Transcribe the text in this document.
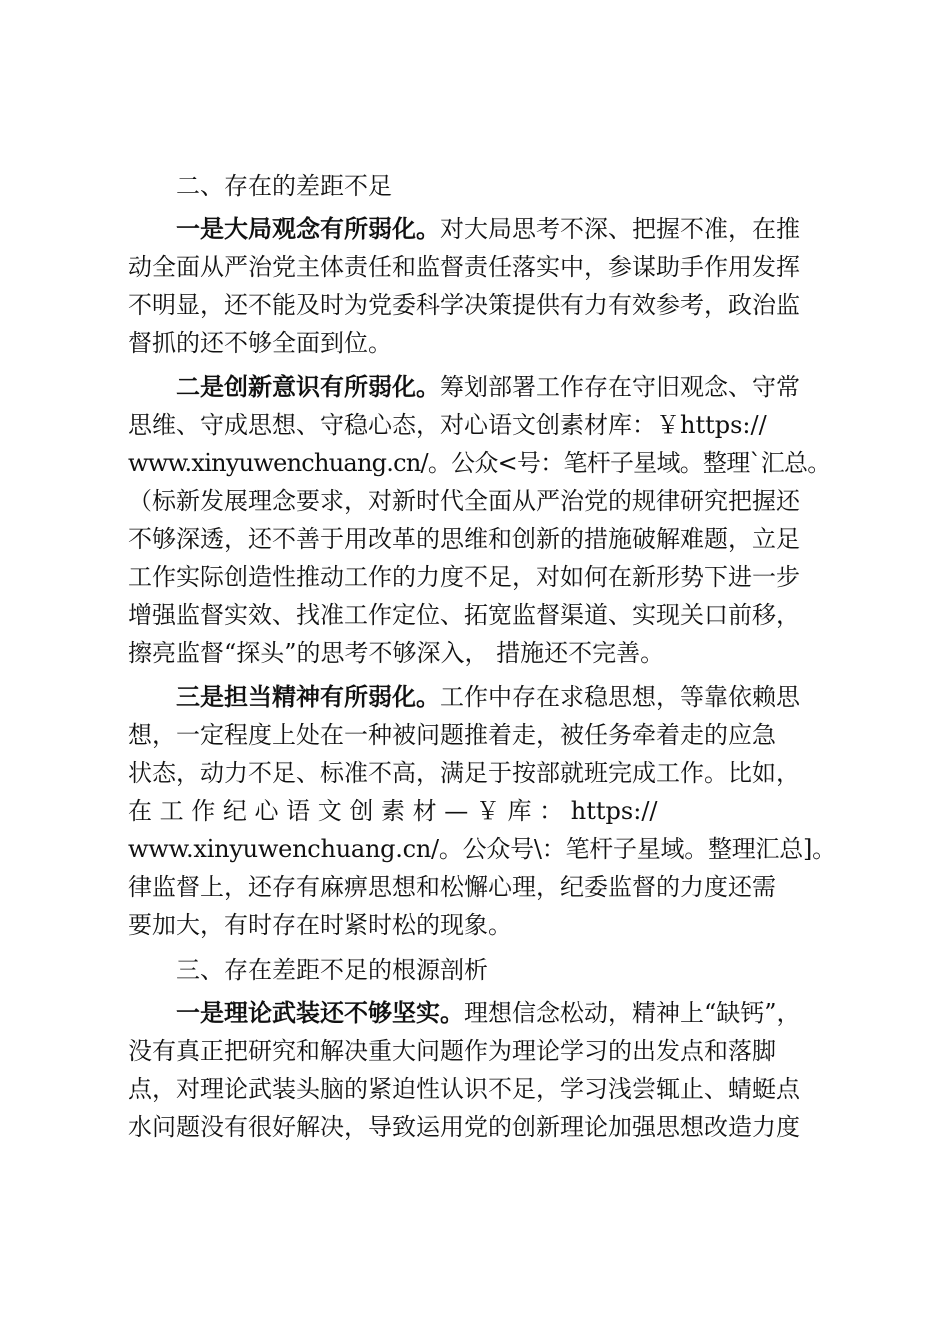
二、存在的差距不足
一是大局观念有所弱化。对大局思考不深、把握不准，在推
动全面从严治党主体责任和监督责任落实中，参谋助手作用发挥
不明显，还不能及时为党委科学决策提供有力有效参考，政治监
督抓的还不够全面到位。
二是创新意识有所弱化。筹划部署工作存在守旧观念、守常
思维、守成思想、守稳心态，对心语文创素材库：￥https://
www.xinyuwenchuang.cn/。公众<号：笔杆子星域。整理`汇总。
（标新发展理念要求，对新时代全面从严治党的规律研究把握还
不够深透，还不善于用改革的思维和创新的措施破解难题，立足
工作实际创造性推动工作的力度不足，对如何在新形势下进一步
增强监督实效、找准工作定位、拓宽监督渠道、实现关口前移，
擦亮监督“探头”的思考不够深入， 措施还不完善。
三是担当精神有所弱化。工作中存在求稳思想，等靠依赖思
想，一定程度上处在一种被问题推着走，被任务牵着走的应急
状态，动力不足、标准不高，满足于按部就班完成工作。比如，
在 工 作 纪 心 语 文 创 素 材 — ￥ 库 ： https://
www.xinyuwenchuang.cn/。公众号\：笔杆子星域。整理汇总]。
律监督上，还存有麻痹思想和松懈心理，纪委监督的力度还需
要加大，有时存在时紧时松的现象。
三、存在差距不足的根源剖析
一是理论武装还不够坚实。理想信念松动，精神上“缺钙”，
没有真正把研究和解决重大问题作为理论学习的出发点和落脚
点，对理论武装头脑的紧迫性认识不足，学习浅尝辄止、蜻蜓点
水问题没有很好解决，导致运用党的创新理论加强思想改造力度
